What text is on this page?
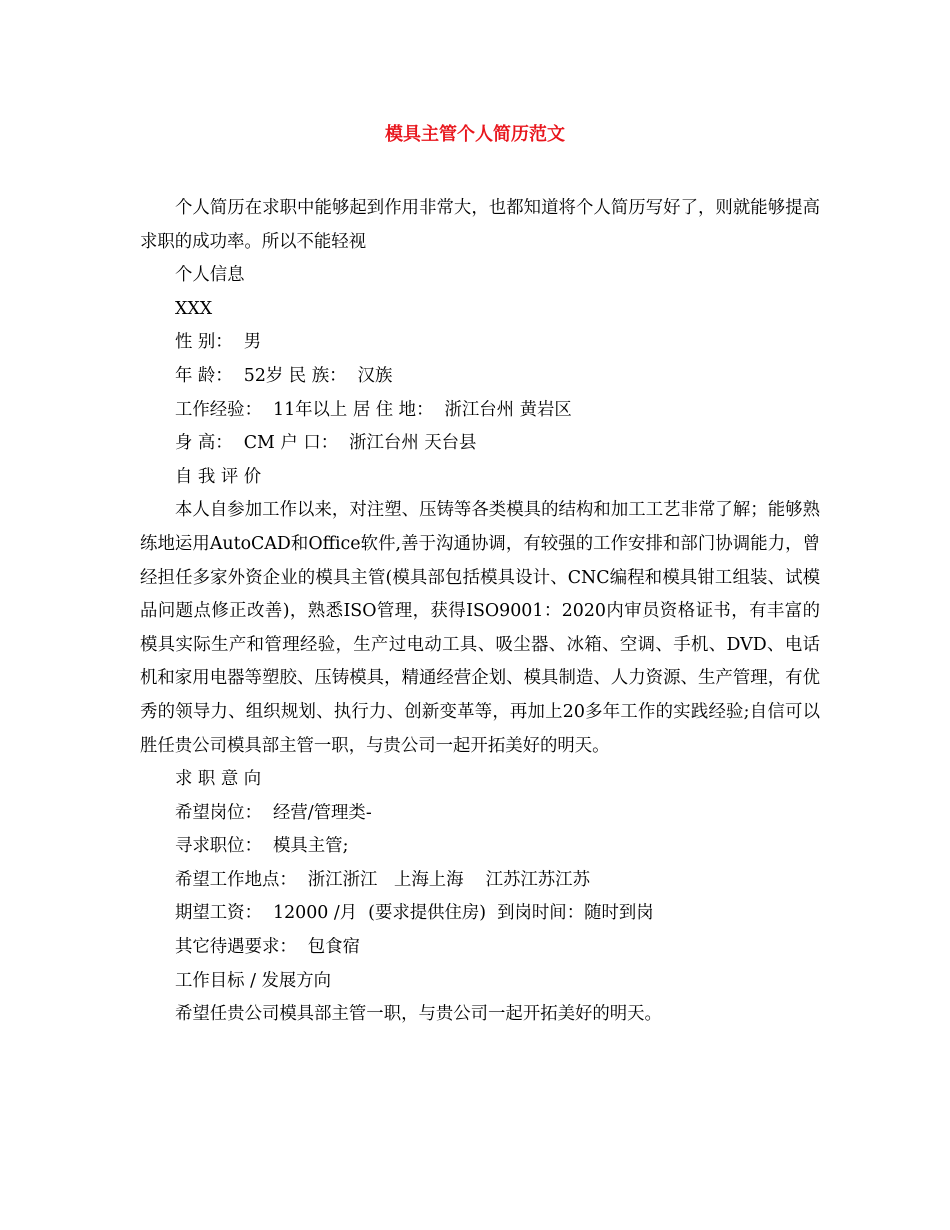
模具主管个人简历范文

个人简历在求职中能够起到作用非常大，也都知道将个人简历写好了，则就能够提高求职的成功率。所以不能轻视

个人信息

XXX

性 别：  男

年 龄：  52岁 民 族：  汉族

工作经验：  11年以上 居 住 地：  浙江台州 黄岩区

身 高：  CM 户 口：  浙江台州 天台县

自 我 评 价

本人自参加工作以来，对注塑、压铸等各类模具的结构和加工工艺非常了解；能够熟练地运用AutoCAD和Office软件,善于沟通协调，有较强的工作安排和部门协调能力，曾经担任多家外资企业的模具主管(模具部包括模具设计、CNC编程和模具钳工组装、试模品问题点修正改善)，熟悉ISO管理，获得ISO9001：2020内审员资格证书，有丰富的模具实际生产和管理经验，生产过电动工具、吸尘器、冰箱、空调、手机、DVD、电话机和家用电器等塑胶、压铸模具，精通经营企划、模具制造、人力资源、生产管理，有优秀的领导力、组织规划、执行力、创新变革等，再加上20多年工作的实践经验;自信可以胜任贵公司模具部主管一职，与贵公司一起开拓美好的明天。

求 职 意 向

希望岗位：  经营/管理类-

寻求职位：  模具主管;

希望工作地点：  浙江浙江   上海上海    江苏江苏江苏

期望工资：  12000 /月  (要求提供住房)  到岗时间：随时到岗

其它待遇要求：  包食宿

工作目标 / 发展方向

希望任贵公司模具部主管一职，与贵公司一起开拓美好的明天。
